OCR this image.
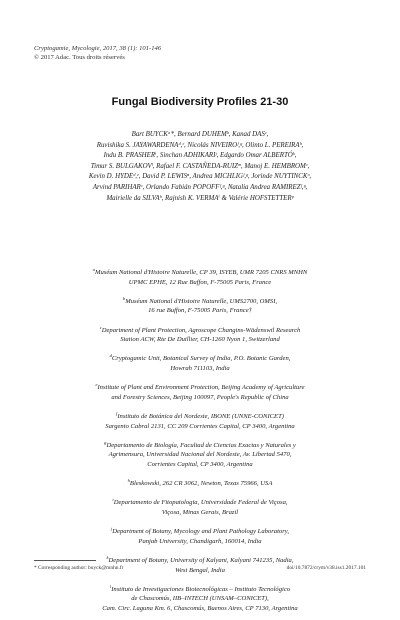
Cryptogamie, Mycologie, 2017, 38 (1): 101-146
© 2017 Adac. Tous droits réservés
Fungal Biodiversity Profiles 21-30
Bart BUYCKᵃ*, Bernard DUHEMᵇ, Kanad DASᶜ,
Ruvishika S. JAYAWARDENAᵈ,ᵉ, Nicolás NIVEIROᶠ,ᵍ, Olinto L. PEREIRAʰ,
Indu B. PRASHERⁱ, Sinchan ADHIKARIʲ, Edgardo Omar ALBERTÓᵏ,
Timur S. BULGAKOVˡ, Rafael F. CASTAÑEDA-RUIZᵐ, Manoj E. HEMBROMᶜ,
Kevin D. HYDEᵈ,ᵉ, David P. LEWISⁿ, Andrea MICHLIGᶠ,ᵍ, Jorinde NUYTINCKᵒ,
Arvind PARIHARᶜ, Orlando Fabián POPOFFᶠ,ᵍ, Natalia Andrea RAMIREZᶠ,ᵍ,
Mairielle da SILVAʰ, Rajnish K. VERMAⁱ & Valérie HOFSTETTERᵖ
$^a$Muséum National d'Histoire Naturelle, CP 39, ISYEB, UMR 7205 CNRS MNHN

UPMC EPHE, 12 Rue Buffon, F-75005 Paris, France
$^b$Muséum National d'Histoire Naturelle, UMS2700, OMSI,

16 rue Buffon, F-75005 Paris, France†
$^c$Department of Plant Protection, Agroscope Changins-Wädenswil Research

Station ACW, Rte De Duillier, CH-1260 Nyon 1, Switzerland
$^d$Cryptogamic Unit, Botanical Survey of India, P.O. Botanic Garden,

Howrah 711103, India
$^e$Institute of Plant and Environment Protection, Beijing Academy of Agriculture

and Forestry Sciences, Beijing 100097, People's Republic of China
$^f$Instituto de Botánica del Nordeste, IBONE (UNNE-CONICET)

Sargento Cabral 2131, CC 209 Corrientes Capital, CP 3400, Argentina
$^g$Departamento de Biología, Facultad de Ciencias Exactas y Naturales y

Agrimensura, Universidad Nacional del Nordeste, Av. Libertad 5470,
Corrientes Capital, CP 3400, Argentina
$^h$Bleskowski, 262 CR 3062, Newton, Texas 75966, USA
$^i$Departamento de Fitopatologia, Universidade Federal de Viçosa,

Viçosa, Minas Gerais, Brazil
$^j$Department of Botany, Mycology and Plant Pathology Laboratory,

Panjab University, Chandigarh, 160014, India
$^k$Department of Botany, University of Kalyani, Kalyani 741235, Nadia,

West Bengal, India
$^l$Instituto de Investigaciones Biotecnológicas – Instituto Tecnológico

de Chascomús, IIB–INTECH (UNSAM–CONICET),
Cam. Circ. Laguna Km. 6, Chascomús, Buenos Aires, CP 7130, Argentina
* Corresponding author: buyck@mnhn.fr	doi/10.7872/crym/v38.iss1.2017.101
